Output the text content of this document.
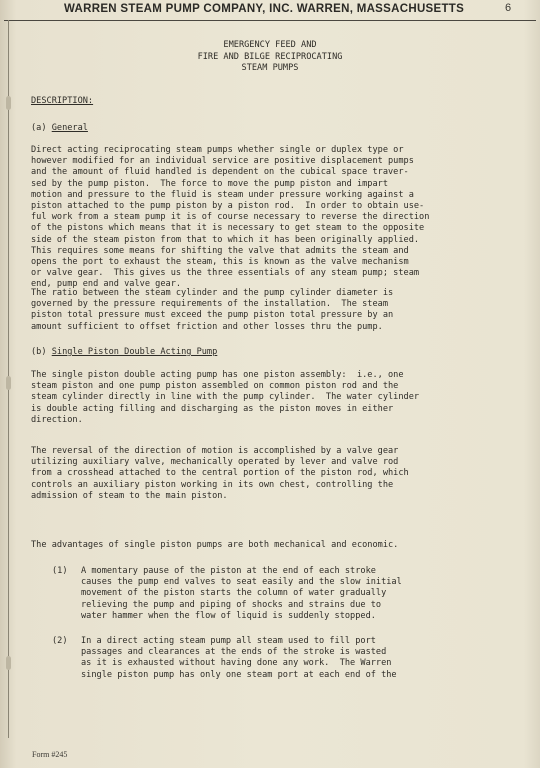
WARREN STEAM PUMP COMPANY, INC. WARREN, MASSACHUSETTS	6
EMERGENCY FEED AND
FIRE AND BILGE RECIPROCATING
STEAM PUMPS
DESCRIPTION:
(a) General
Direct acting reciprocating steam pumps whether single or duplex type or
however modified for an individual service are positive displacement pumps
and the amount of fluid handled is dependent on the cubical space traver-
sed by the pump piston.  The force to move the pump piston and impart
motion and pressure to the fluid is steam under pressure working against a
piston attached to the pump piston by a piston rod.  In order to obtain use-
ful work from a steam pump it is of course necessary to reverse the direction
of the pistons which means that it is necessary to get steam to the opposite
side of the steam piston from that to which it has been originally applied.
This requires some means for shifting the valve that admits the steam and
opens the port to exhaust the steam, this is known as the valve mechanism
or valve gear.  This gives us the three essentials of any steam pump; steam
end, pump end and valve gear.
The ratio between the steam cylinder and the pump cylinder diameter is
governed by the pressure requirements of the installation.  The steam
piston total pressure must exceed the pump piston total pressure by an
amount sufficient to offset friction and other losses thru the pump.
(b) Single Piston Double Acting Pump
The single piston double acting pump has one piston assembly:  i.e., one
steam piston and one pump piston assembled on common piston rod and the
steam cylinder directly in line with the pump cylinder.  The water cylinder
is double acting filling and discharging as the piston moves in either
direction.
The reversal of the direction of motion is accomplished by a valve gear
utilizing auxiliary valve, mechanically operated by lever and valve rod
from a crosshead attached to the central portion of the piston rod, which
controls an auxiliary piston working in its own chest, controlling the
admission of steam to the main piston.
The advantages of single piston pumps are both mechanical and economic.
(1) A momentary pause of the piston at the end of each stroke
causes the pump end valves to seat easily and the slow initial
movement of the piston starts the column of water gradually
relieving the pump and piping of shocks and strains due to
water hammer when the flow of liquid is suddenly stopped.
(2) In a direct acting steam pump all steam used to fill port
passages and clearances at the ends of the stroke is wasted
as it is exhausted without having done any work.  The Warren
single piston pump has only one steam port at each end of the
Form #245
